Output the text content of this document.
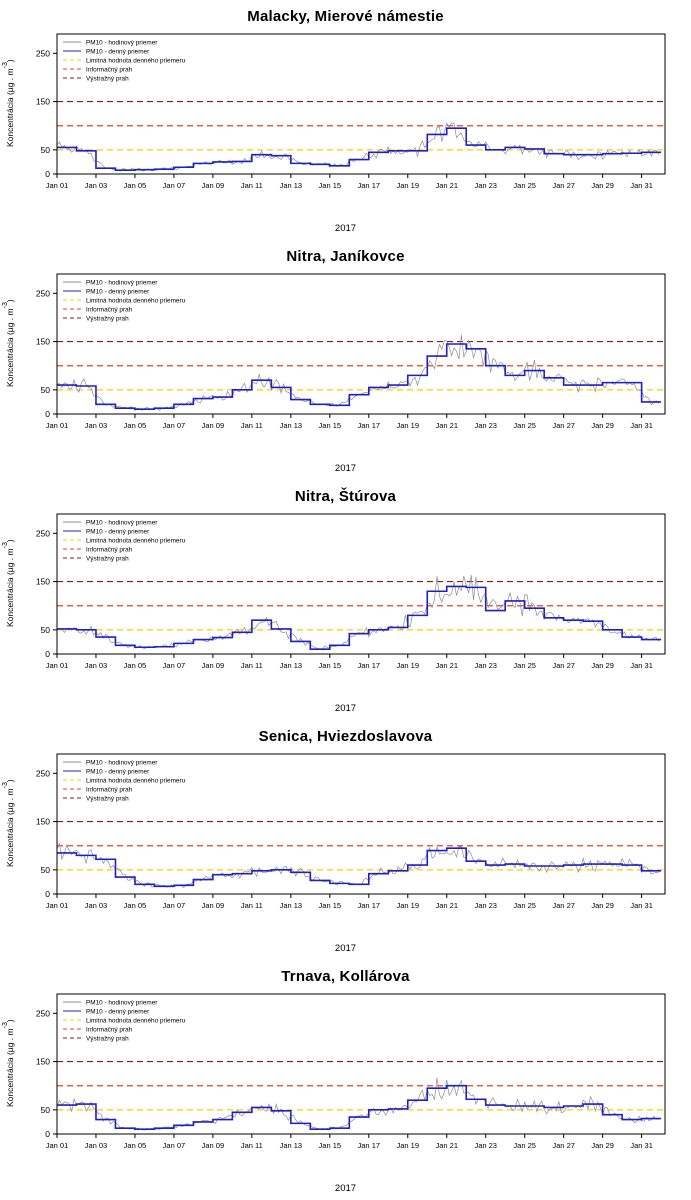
Malacky, Mierové námestie
0
50
150
250
Jan 01 Jan 03 Jan 05 Jan 07 Jan 09 Jan 11 Jan 13 Jan 15 Jan 17 Jan 19 Jan 21 Jan 23 Jan 25 Jan 27 Jan 29 Jan 31
PM10 - hodinový priemer
PM10 - denný priemer
Limitná hodnota denného priemeru
Informačný prah
Výstražný prah
Koncentrácia (µg . $m^{-3}$)
2017
Nitra, Janíkovce
0
50
150
250
Jan 01 Jan 03 Jan 05 Jan 07 Jan 09 Jan 11 Jan 13 Jan 15 Jan 17 Jan 19 Jan 21 Jan 23 Jan 25 Jan 27 Jan 29 Jan 31
PM10 - hodinový priemer
PM10 - denný priemer
Limitná hodnota denného priemeru
Informačný prah
Výstražný prah
Koncentrácia (µg . $m^{-3}$)
2017
Nitra, Štúrova
0
50
150
250
Jan 01 Jan 03 Jan 05 Jan 07 Jan 09 Jan 11 Jan 13 Jan 15 Jan 17 Jan 19 Jan 21 Jan 23 Jan 25 Jan 27 Jan 29 Jan 31
PM10 - hodinový priemer
PM10 - denný priemer
Limitná hodnota denného priemeru
Informačný prah
Výstražný prah
Koncentrácia (µg . $m^{-3}$)
2017
Senica, Hviezdoslavova
0
50
150
250
Jan 01 Jan 03 Jan 05 Jan 07 Jan 09 Jan 11 Jan 13 Jan 15 Jan 17 Jan 19 Jan 21 Jan 23 Jan 25 Jan 27 Jan 29 Jan 31
PM10 - hodinový priemer
PM10 - denný priemer
Limitná hodnota denného priemeru
Informačný prah
Výstražný prah
Koncentrácia (µg . $m^{-3}$)
2017
Trnava, Kollárova
0
50
150
250
Jan 01 Jan 03 Jan 05 Jan 07 Jan 09 Jan 11 Jan 13 Jan 15 Jan 17 Jan 19 Jan 21 Jan 23 Jan 25 Jan 27 Jan 29 Jan 31
PM10 - hodinový priemer
PM10 - denný priemer
Limitná hodnota denného priemeru
Informačný prah
Výstražný prah
Koncentrácia (µg . $m^{-3}$)
2017
